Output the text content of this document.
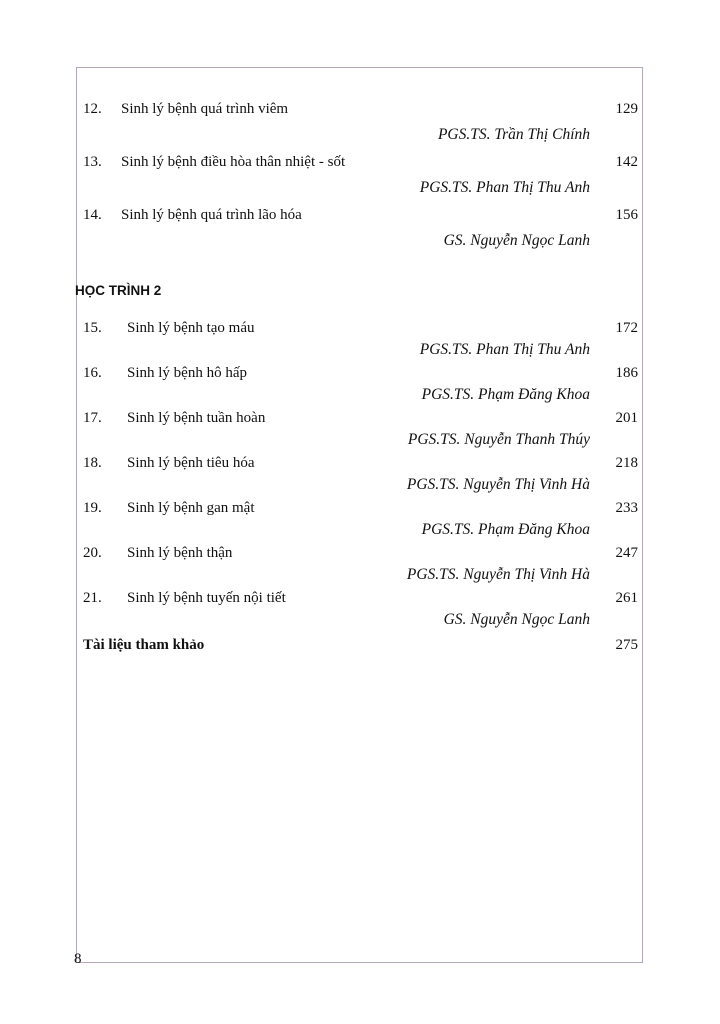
12. Sinh lý bệnh quá trình viêm	129
PGS.TS. Trần Thị Chính
13. Sinh lý bệnh điều hòa thân nhiệt - sốt	142
PGS.TS. Phan Thị Thu Anh
14. Sinh lý bệnh quá trình lão hóa	156
GS. Nguyễn Ngọc Lanh
15. Sinh lý bệnh tạo máu	172
PGS.TS. Phan Thị Thu Anh
16. Sinh lý bệnh hô hấp	186
PGS.TS. Phạm Đăng Khoa
17. Sinh lý bệnh tuần hoàn	201
PGS.TS. Nguyễn Thanh Thúy
18. Sinh lý bệnh tiêu hóa	218
PGS.TS. Nguyễn Thị Vinh Hà
19. Sinh lý bệnh gan mật	233
PGS.TS. Phạm Đăng Khoa
20. Sinh lý bệnh thận	247
PGS.TS. Nguyễn Thị Vinh Hà
21. Sinh lý bệnh tuyến nội tiết	261
GS. Nguyễn Ngọc Lanh
Tài liệu tham khảo	275
HỌC TRÌNH 2
8
